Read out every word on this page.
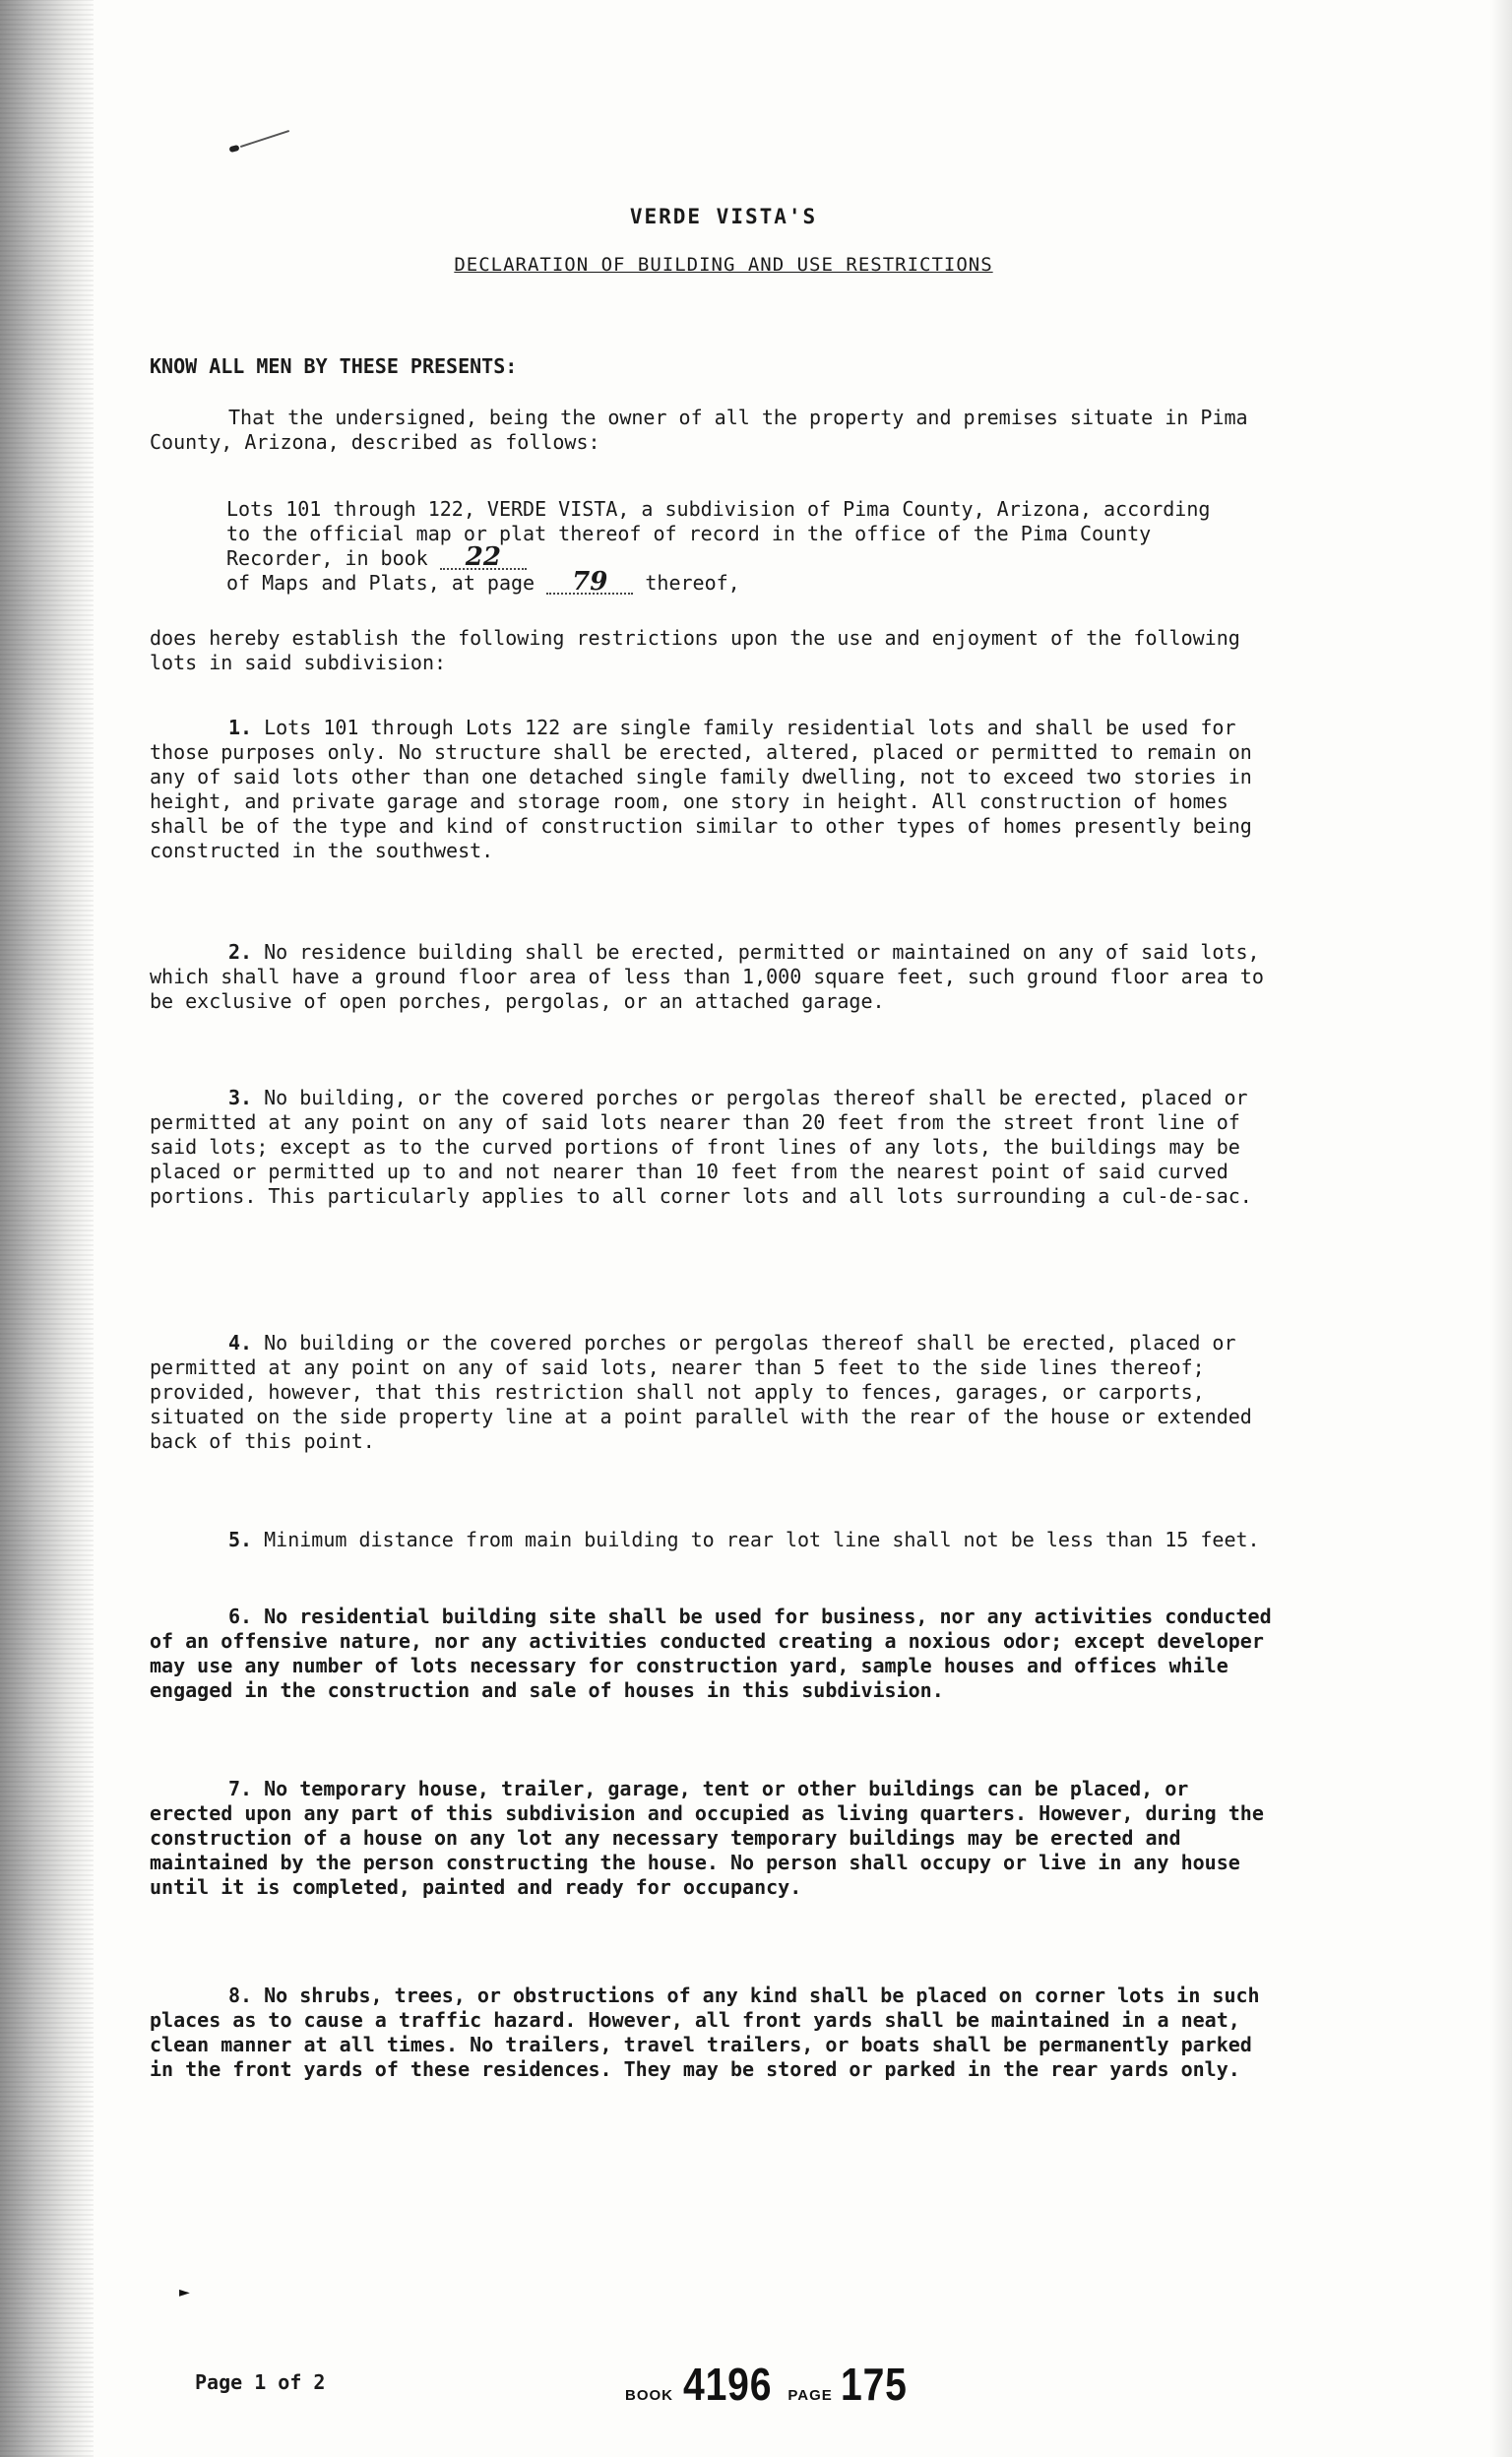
VERDE VISTA'S
DECLARATION OF BUILDING AND USE RESTRICTIONS
KNOW ALL MEN BY THESE PRESENTS:

That the undersigned, being the owner of all the property and premises situate in Pima County, Arizona, described as follows:

Lots 101 through 122, VERDE VISTA, a subdivision of Pima County, Arizona, according to the official map or plat thereof of record in the office of the Pima County Recorder, in book 22
of Maps and Plats, at page 79 thereof,

does hereby establish the following restrictions upon the use and enjoyment of the following lots in said subdivision:

1. Lots 101 through Lots 122 are single family residential lots and shall be used for those purposes only. No structure shall be erected, altered, placed or permitted to remain on any of said lots other than one detached single family dwelling, not to exceed two stories in height, and private garage and storage room, one story in height. All construction of homes shall be of the type and kind of construction similar to other types of homes presently being constructed in the southwest.

2. No residence building shall be erected, permitted or maintained on any of said lots, which shall have a ground floor area of less than 1,000 square feet, such ground floor area to be exclusive of open porches, pergolas, or an attached garage.

3. No building, or the covered porches or pergolas thereof shall be erected, placed or permitted at any point on any of said lots nearer than 20 feet from the street front line of said lots; except as to the curved portions of front lines of any lots, the buildings may be placed or permitted up to and not nearer than 10 feet from the nearest point of said curved portions. This particularly applies to all corner lots and all lots surrounding a cul-de-sac.

4. No building or the covered porches or pergolas thereof shall be erected, placed or permitted at any point on any of said lots, nearer than 5 feet to the side lines thereof; provided, however, that this restriction shall not apply to fences, garages, or carports, situated on the side property line at a point parallel with the rear of the house or extended back of this point.

5. Minimum distance from main building to rear lot line shall not be less than 15 feet.

6. No residential building site shall be used for business, nor any activities conducted of an offensive nature, nor any activities conducted creating a noxious odor; except developer may use any number of lots necessary for construction yard, sample houses and offices while engaged in the construction and sale of houses in this subdivision.

7. No temporary house, trailer, garage, tent or other buildings can be placed, or erected upon any part of this subdivision and occupied as living quarters. However, during the construction of a house on any lot any necessary temporary buildings may be erected and maintained by the person constructing the house. No person shall occupy or live in any house until it is completed, painted and ready for occupancy.

8. No shrubs, trees, or obstructions of any kind shall be placed on corner lots in such places as to cause a traffic hazard. However, all front yards shall be maintained in a neat, clean manner at all times. No trailers, travel trailers, or boats shall be permanently parked in the front yards of these residences. They may be stored or parked in the rear yards only.

►
Page 1 of 2
BOOK 4196 PAGE 175
